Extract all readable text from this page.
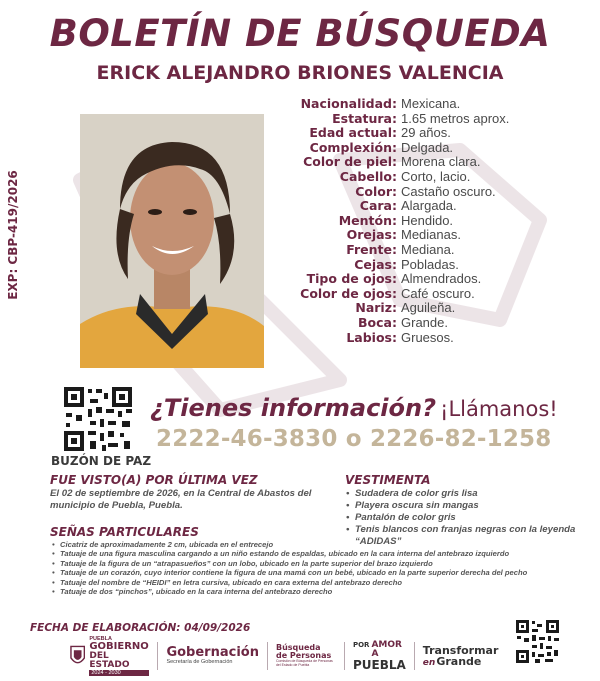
BOLETÍN DE BÚSQUEDA
ERICK ALEJANDRO BRIONES VALENCIA
EXP: CBP-419/2026
Nacionalidad: Mexicana.
Estatura: 1.65 metros aprox.
Edad actual: 29 años.
Complexión: Delgada.
Color de piel: Morena clara.
Cabello: Corto, lacio.
Color: Castaño oscuro.
Cara: Alargada.
Mentón: Hendido.
Orejas: Medianas.
Frente: Mediana.
Cejas: Pobladas.
Tipo de ojos: Almendrados.
Color de ojos: Café oscuro.
Nariz: Aguileña.
Boca: Grande.
Labios: Gruesos.
BUZÓN DE PAZ
¿Tienes información? ¡Llámanos!
2222-46-3830 o 2226-82-1258
FUE VISTO(A) POR ÚLTIMA VEZ
El 02 de septiembre de 2026, en la Central de Abastos del municipio de Puebla, Puebla.
VESTIMENTA
• Sudadera de color gris lisa
• Playera oscura sin mangas
• Pantalón de color gris
• Tenis blancos con franjas negras con la leyenda “ADIDAS”
SEÑAS PARTICULARES
• Cicatriz de aproximadamente 2 cm, ubicada en el entrecejo
• Tatuaje de una figura masculina cargando a un niño estando de espaldas, ubicado en la cara interna del antebrazo izquierdo
• Tatuaje de la figura de un “atrapasueños” con un lobo, ubicado en la parte superior del brazo izquierdo
• Tatuaje de un corazón, cuyo interior contiene la figura de una mamá con un bebé, ubicado en la parte superior derecha del pecho
• Tatuaje del nombre de “HEIDI” en letra cursiva, ubicado en cara externa del antebrazo derecho
• Tatuaje de dos “pinchos”, ubicado en la cara interna del antebrazo derecho
FECHA DE ELABORACIÓN: 04/09/2026
PUEBLA
GOBIERNO
DEL ESTADO
2024 - 2030
Gobernación
Secretaría de Gobernación
Búsqueda
de Personas
Comisión de Búsqueda de Personas del Estado de Puebla
POR AMOR A
PUEBLA
Transformar
en Grande
